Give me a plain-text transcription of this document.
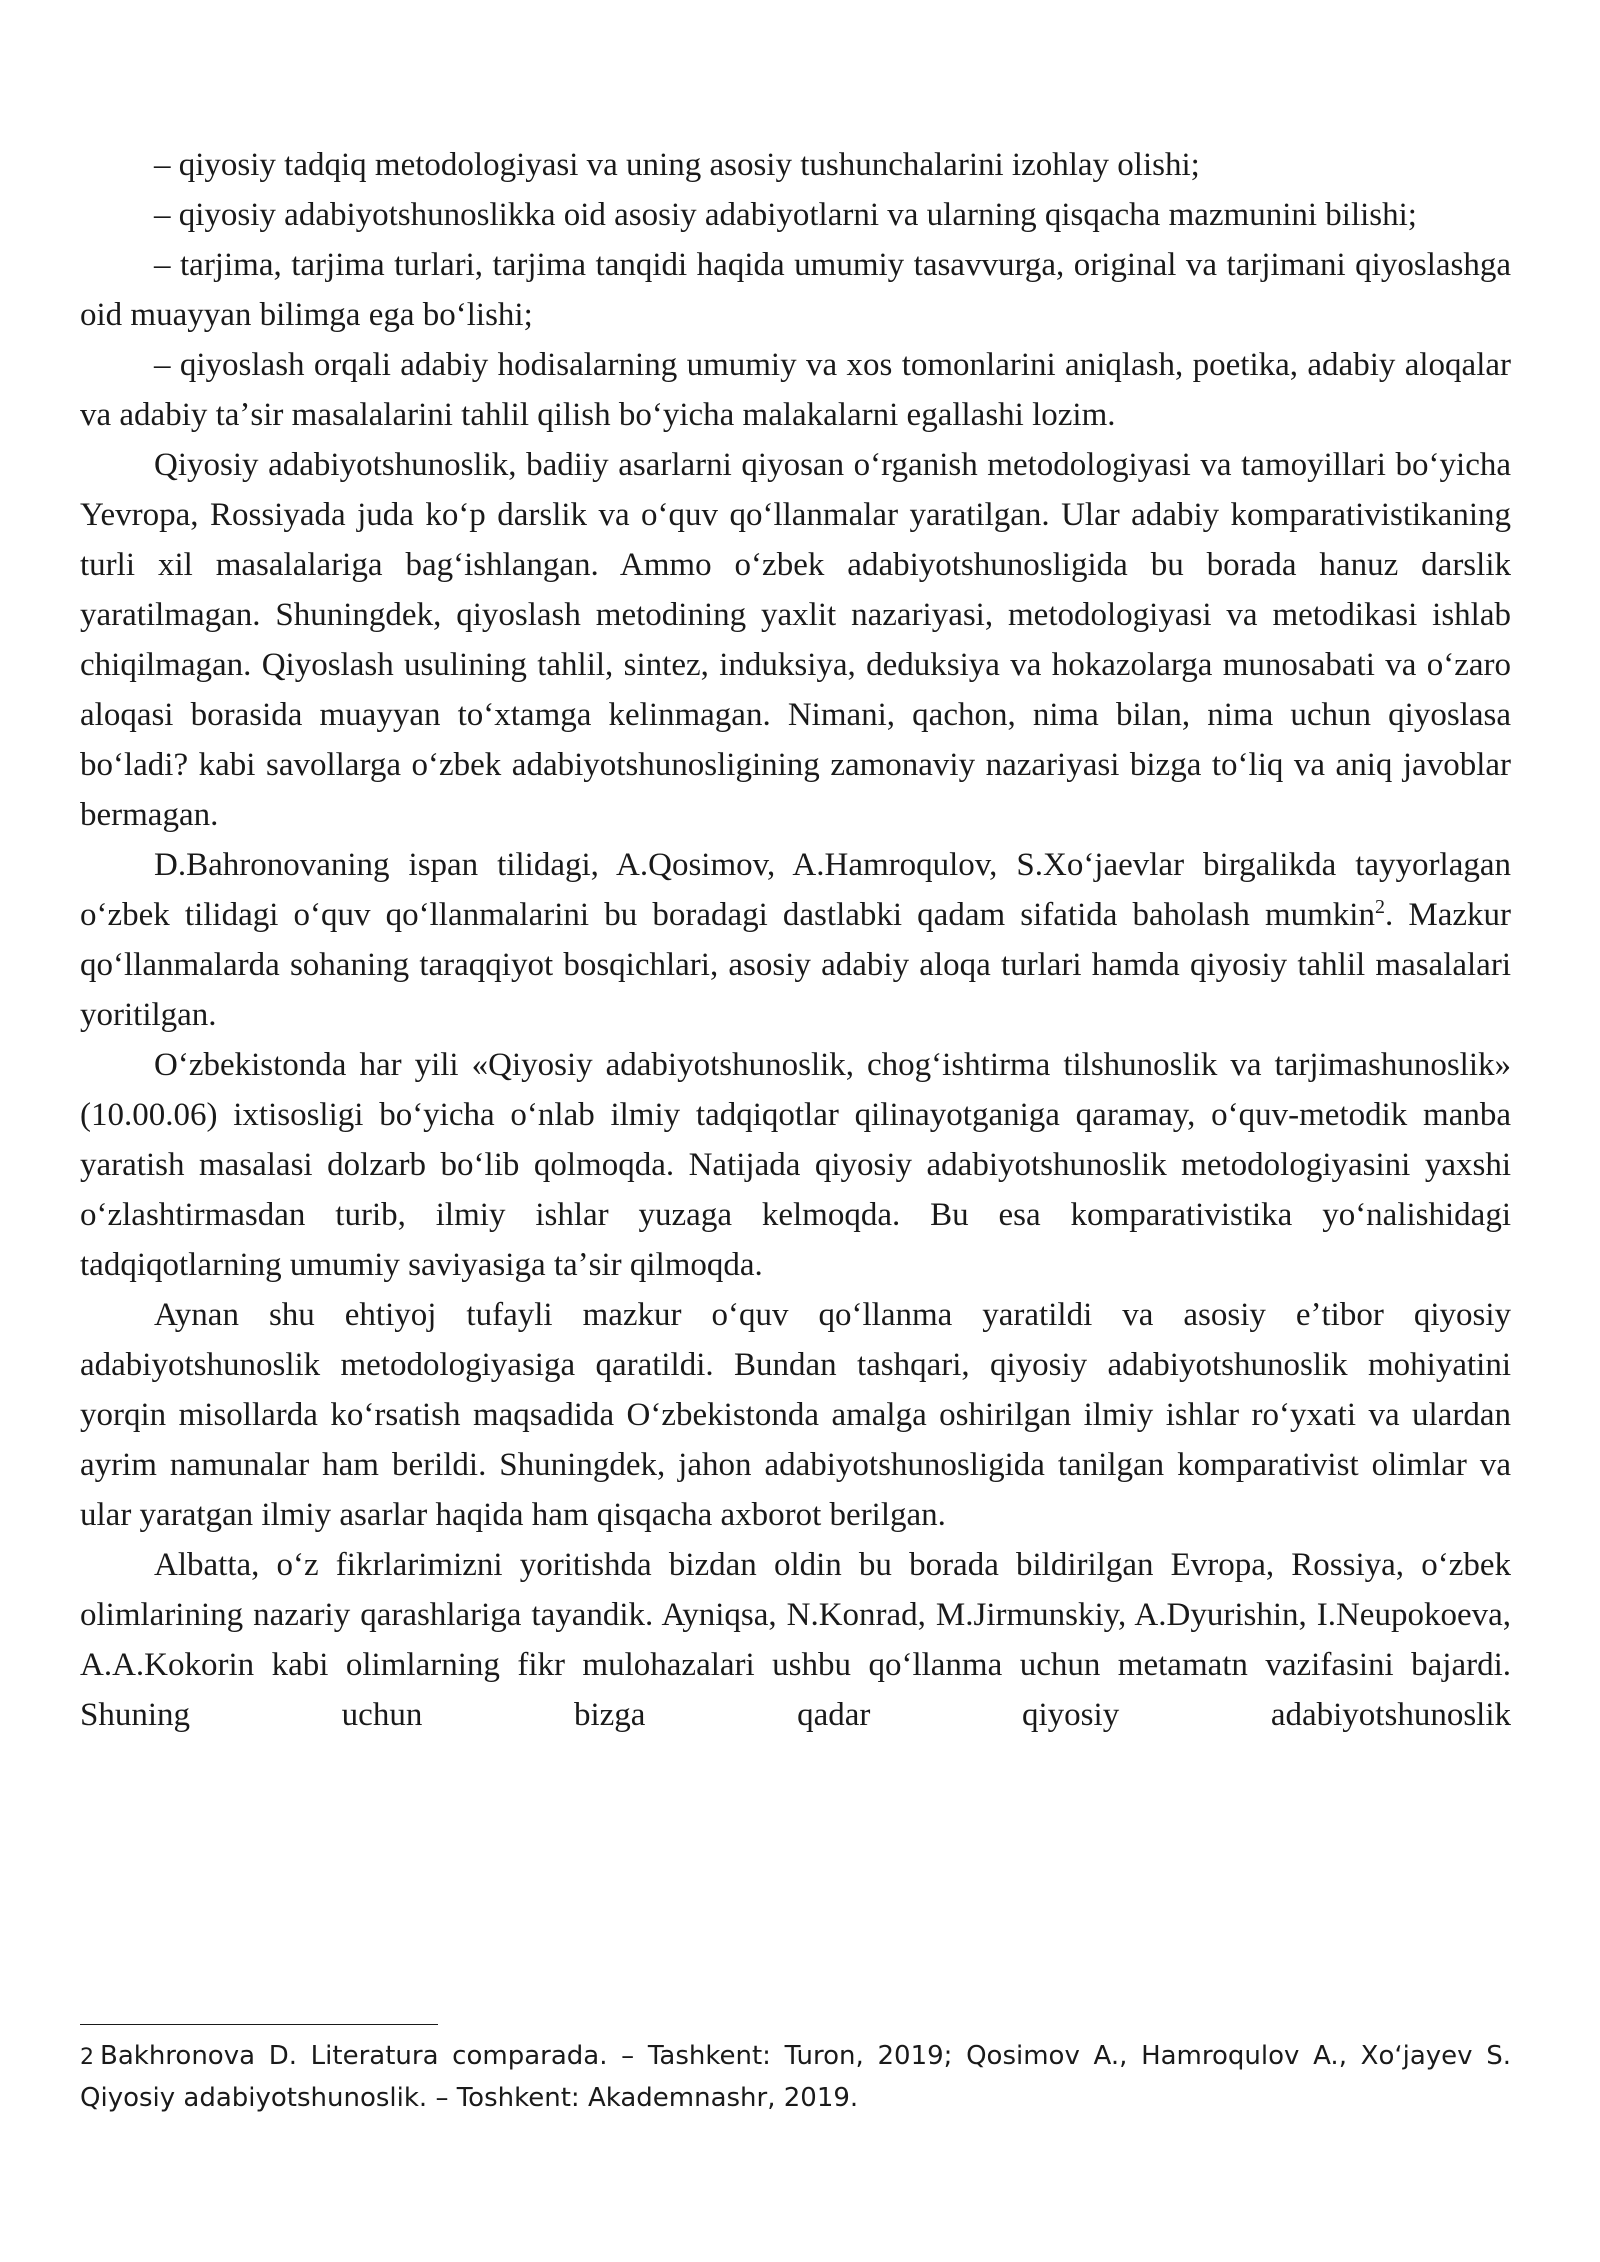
– qiyosiy tadqiq metodologiyasi va uning asosiy tushunchalarini izohlay olishi;

– qiyosiy adabiyotshunoslikka oid asosiy adabiyotlarni va ularning qisqacha mazmunini bilishi;

– tarjima, tarjima turlari, tarjima tanqidi haqida umumiy tasavvurga, original va tarjimani qiyoslashga oid muayyan bilimga ega boʻlishi;

– qiyoslash orqali adabiy hodisalarning umumiy va xos tomonlarini aniqlash, poetika, adabiy aloqalar va adabiy taʼsir masalalarini tahlil qilish boʻyicha malakalarni egallashi lozim.

Qiyosiy adabiyotshunoslik, badiiy asarlarni qiyosan oʻrganish metodologiyasi va tamoyillari boʻyicha Yevropa, Rossiyada juda koʻp darslik va oʻquv qoʻllanmalar yaratilgan. Ular adabiy komparativistikaning turli xil masalalariga bagʻishlangan. Ammo oʻzbek adabiyotshunosligida bu borada hanuz darslik yaratilmagan. Shuningdek, qiyoslash metodining yaxlit nazariyasi, metodologiyasi va metodikasi ishlab chiqilmagan. Qiyoslash usulining tahlil, sintez, induksiya, deduksiya va hokazolarga munosabati va oʻzaro aloqasi borasida muayyan toʻxtamga kelinmagan. Nimani, qachon, nima bilan, nima uchun qiyoslasa boʻladi? kabi savollarga oʻzbek adabiyotshunosligining zamonaviy nazariyasi bizga toʻliq va aniq javoblar bermagan.

D.Bahronovaning ispan tilidagi, A.Qosimov, A.Hamroqulov, S.Xoʻjaevlar birgalikda tayyorlagan oʻzbek tilidagi oʻquv qoʻllanmalarini bu boradagi dastlabki qadam sifatida baholash mumkin$^2$. Mazkur qoʻllanmalarda sohaning taraqqiyot bosqichlari, asosiy adabiy aloqa turlari hamda qiyosiy tahlil masalalari yoritilgan.

Oʻzbekistonda har yili «Qiyosiy adabiyotshunoslik, chogʻishtirma tilshunoslik va tarjimashunoslik» (10.00.06) ixtisosligi boʻyicha oʻnlab ilmiy tadqiqotlar qilinayotganiga qaramay, oʻquv-metodik manba yaratish masalasi dolzarb boʻlib qolmoqda. Natijada qiyosiy adabiyotshunoslik metodologiyasini yaxshi oʻzlashtirmasdan turib, ilmiy ishlar yuzaga kelmoqda. Bu esa komparativistika yoʻnalishidagi tadqiqotlarning umumiy saviyasiga taʼsir qilmoqda.

Aynan shu ehtiyoj tufayli mazkur oʻquv qoʻllanma yaratildi va asosiy eʼtibor qiyosiy adabiyotshunoslik metodologiyasiga qaratildi. Bundan tashqari, qiyosiy adabiyotshunoslik mohiyatini yorqin misollarda koʻrsatish maqsadida Oʻzbekistonda amalga oshirilgan ilmiy ishlar roʻyxati va ulardan ayrim namunalar ham berildi. Shuningdek, jahon adabiyotshunosligida tanilgan komparativist olimlar va ular yaratgan ilmiy asarlar haqida ham qisqacha axborot berilgan.

Albatta, oʻz fikrlarimizni yoritishda bizdan oldin bu borada bildirilgan Evropa, Rossiya, oʻzbek olimlarining nazariy qarashlariga tayandik. Ayniqsa, N.Konrad, M.Jirmunskiy, A.Dyurishin, I.Neupokoeva, A.A.Kokorin kabi olimlarning fikr mulohazalari ushbu qoʻllanma uchun metamatn vazifasini bajardi. Shuning uchun bizga qadar qiyosiy adabiyotshunoslik

2 Bakhronova D. Literatura comparada. – Tashkent: Turon, 2019; Qosimov A., Hamroqulov A., Xoʻjayev S. Qiyosiy adabiyotshunoslik. – Toshkent: Akademnashr, 2019.
